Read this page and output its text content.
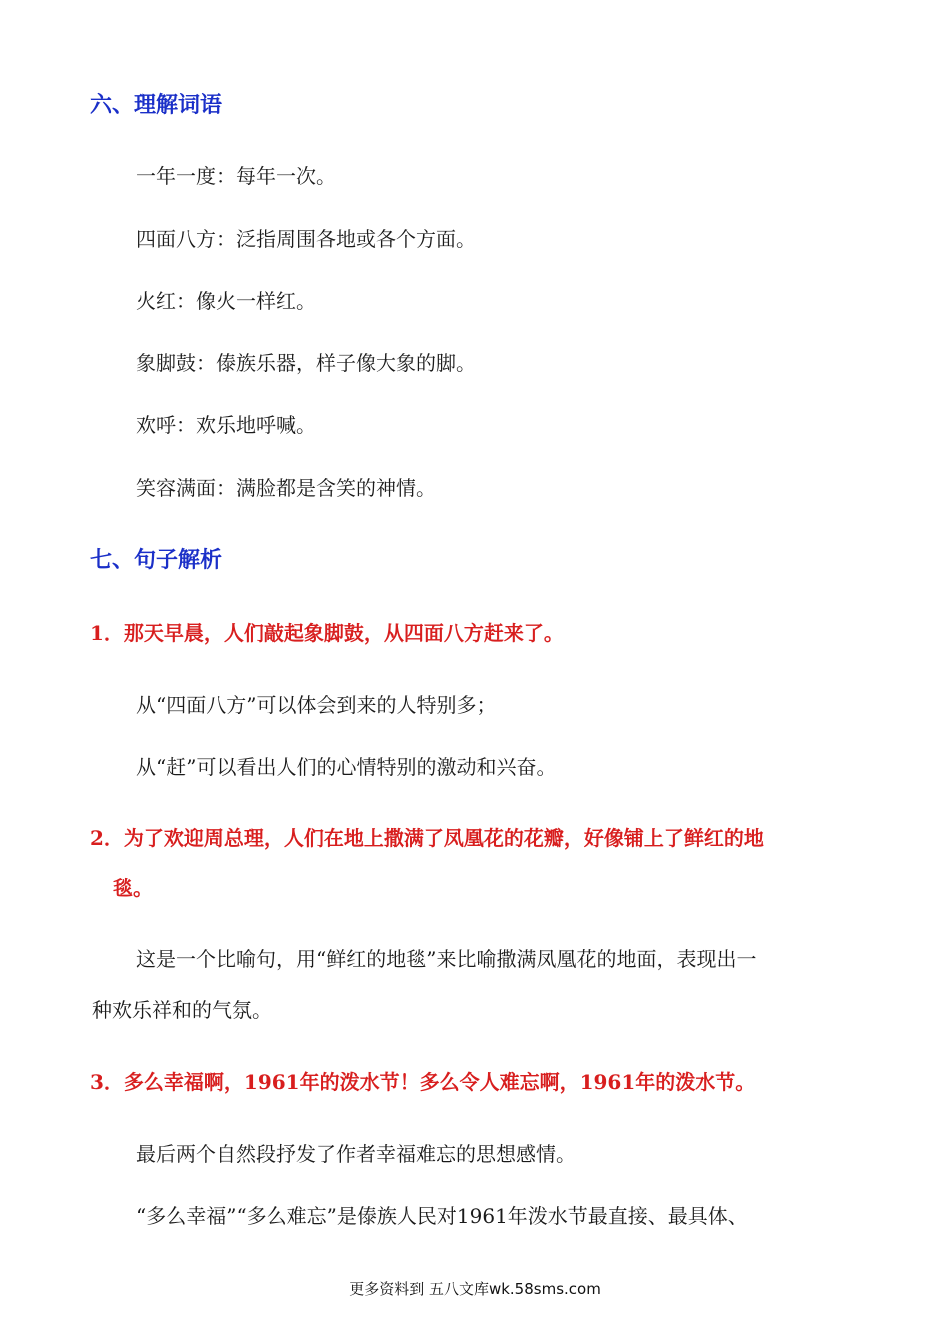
六、理解词语
一年一度：每年一次。
四面八方：泛指周围各地或各个方面。
火红：像火一样红。
象脚鼓：傣族乐器，样子像大象的脚。
欢呼：欢乐地呼喊。
笑容满面：满脸都是含笑的神情。
七、句子解析
1．那天早晨，人们敲起象脚鼓，从四面八方赶来了。
从“四面八方”可以体会到来的人特别多；
从“赶”可以看出人们的心情特别的激动和兴奋。
2．为了欢迎周总理，人们在地上撒满了凤凰花的花瓣，好像铺上了鲜红的地
毯。
这是一个比喻句，用“鲜红的地毯”来比喻撒满凤凰花的地面，表现出一
种欢乐祥和的气氛。
3．多么幸福啊，1961年的泼水节！多么令人难忘啊，1961年的泼水节。
最后两个自然段抒发了作者幸福难忘的思想感情。
“多么幸福”“多么难忘”是傣族人民对1961年泼水节最直接、最具体、
更多资料到 五八文库wk.58sms.com
